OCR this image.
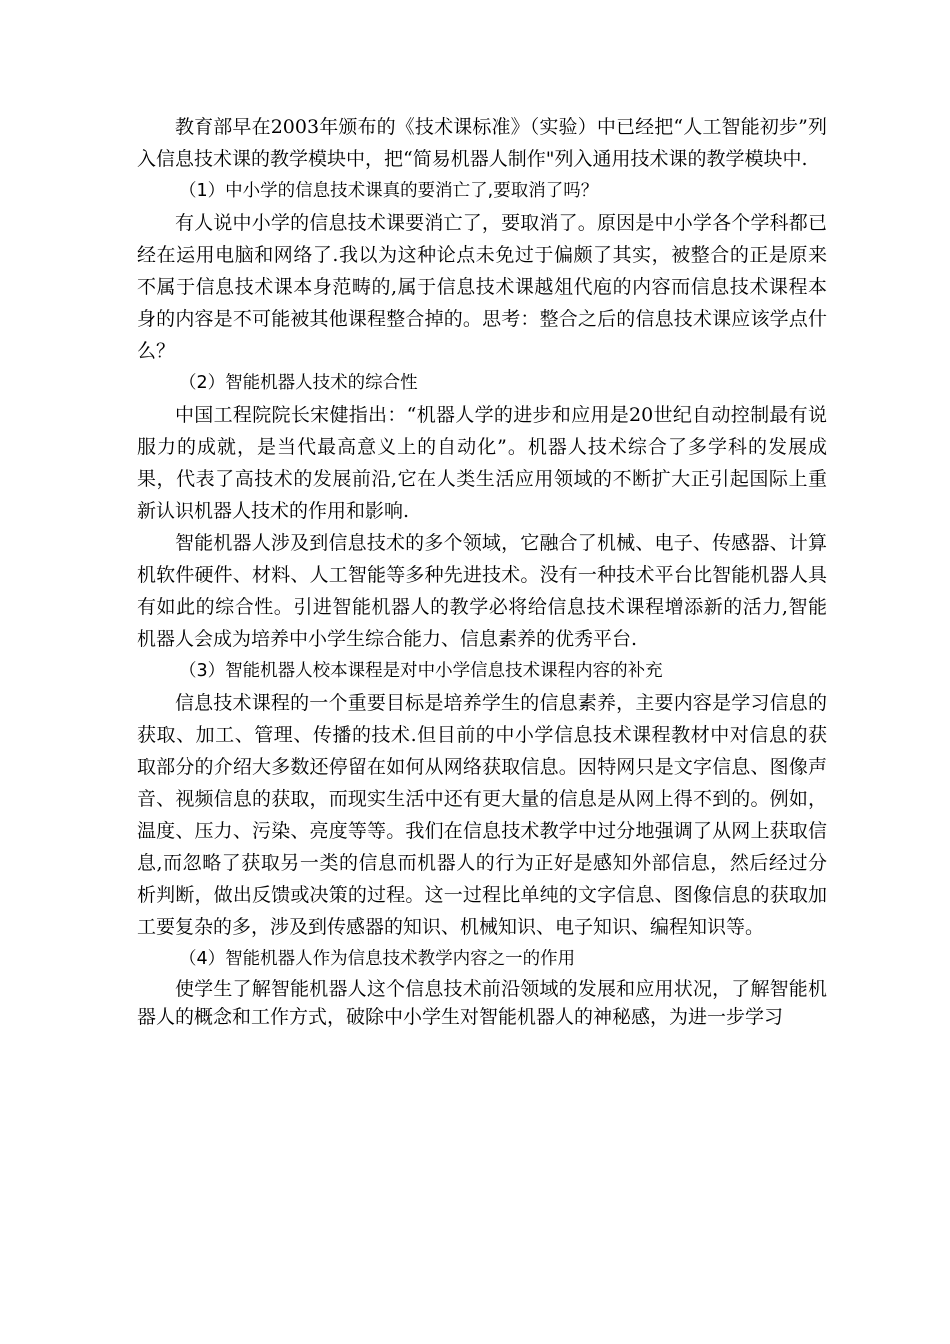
教育部早在2003年颁布的《技术课标准》（实验）中已经把“人工智能初步”列入信息技术课的教学模块中，把“简易机器人制作"列入通用技术课的教学模块中.

（1）中小学的信息技术课真的要消亡了,要取消了吗？

有人说中小学的信息技术课要消亡了，要取消了。原因是中小学各个学科都已经在运用电脑和网络了.我以为这种论点未免过于偏颇了其实，被整合的正是原来不属于信息技术课本身范畴的,属于信息技术课越俎代庖的内容而信息技术课程本身的内容是不可能被其他课程整合掉的。思考：整合之后的信息技术课应该学点什么？

（2）智能机器人技术的综合性

中国工程院院长宋健指出：“机器人学的进步和应用是20世纪自动控制最有说服力的成就，是当代最高意义上的自动化”。机器人技术综合了多学科的发展成果，代表了高技术的发展前沿,它在人类生活应用领域的不断扩大正引起国际上重新认识机器人技术的作用和影响.

智能机器人涉及到信息技术的多个领域，它融合了机械、电子、传感器、计算机软件硬件、材料、人工智能等多种先进技术。没有一种技术平台比智能机器人具有如此的综合性。引进智能机器人的教学必将给信息技术课程增添新的活力,智能机器人会成为培养中小学生综合能力、信息素养的优秀平台.

（3）智能机器人校本课程是对中小学信息技术课程内容的补充

信息技术课程的一个重要目标是培养学生的信息素养，主要内容是学习信息的获取、加工、管理、传播的技术.但目前的中小学信息技术课程教材中对信息的获取部分的介绍大多数还停留在如何从网络获取信息。因特网只是文字信息、图像声音、视频信息的获取，而现实生活中还有更大量的信息是从网上得不到的。例如，温度、压力、污染、亮度等等。我们在信息技术教学中过分地强调了从网上获取信息,而忽略了获取另一类的信息而机器人的行为正好是感知外部信息，然后经过分析判断，做出反馈或决策的过程。这一过程比单纯的文字信息、图像信息的获取加工要复杂的多，涉及到传感器的知识、机械知识、电子知识、编程知识等。

（4）智能机器人作为信息技术教学内容之一的作用

使学生了解智能机器人这个信息技术前沿领域的发展和应用状况，了解智能机器人的概念和工作方式，破除中小学生对智能机器人的神秘感，为进一步学习
